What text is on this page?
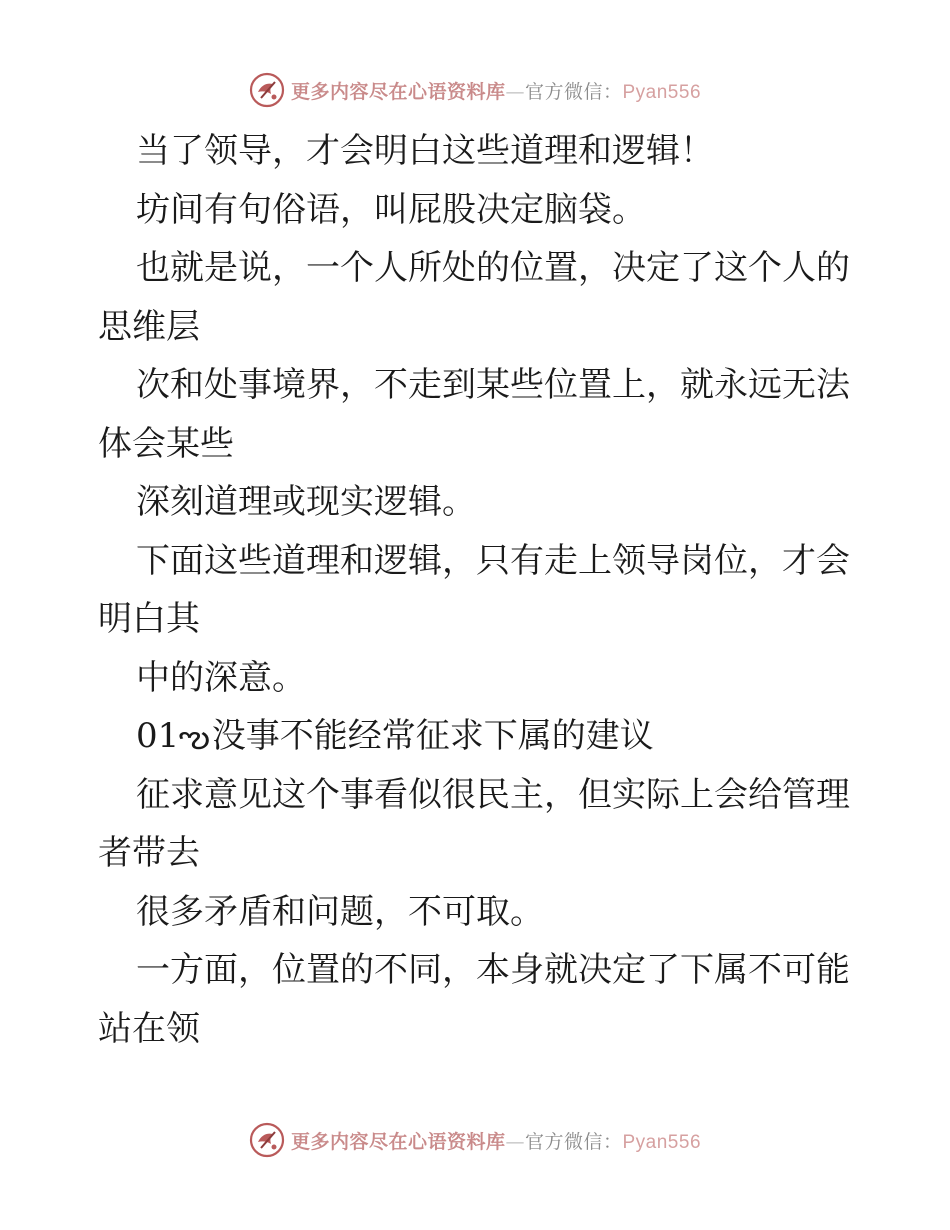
更多内容尽在心语资料库—官方微信：Pyan556
当了领导，才会明白这些道理和逻辑！
坊间有句俗语，叫屁股决定脑袋。
也就是说，一个人所处的位置，决定了这个人的
思维层
次和处事境界，不走到某些位置上，就永远无法
体会某些
深刻道理或现实逻辑。
下面这些道理和逻辑，只有走上领导岗位，才会
明白其
中的深意。
01ఌ没事不能经常征求下属的建议
征求意见这个事看似很民主，但实际上会给管理
者带去
很多矛盾和问题，不可取。
一方面，位置的不同，本身就决定了下属不可能
站在领
更多内容尽在心语资料库—官方微信：Pyan556
